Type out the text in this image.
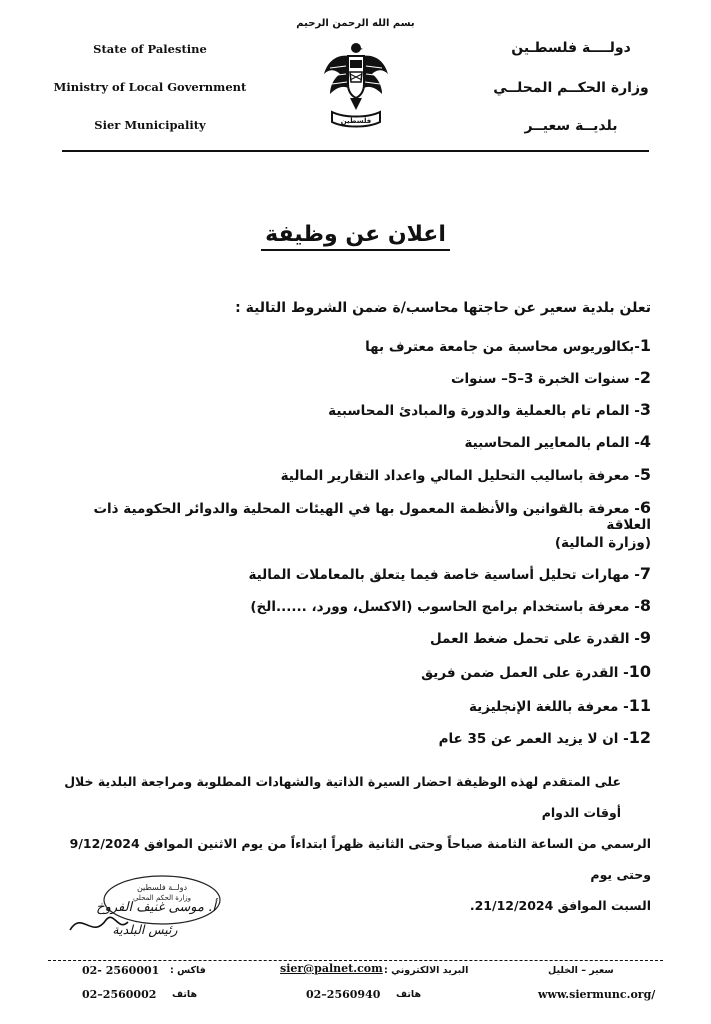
بسم الله الرحمن الرحيم
State of Palestine
Ministry of Local Government
Sier Municipality
دولــــة فلسطـين
وزارة الحكــم المحلــي
بلديــة سعيــر
فلسطين
اعلان عن وظيفة
تعلن بلدية سعير عن حاجتها محاسب/ة ضمن الشروط التالية :
1-بكالوريوس محاسبة من جامعة معترف بها
2- سنوات الخبرة 3–5– سنوات
3- المام تام بالعملية والدورة والمبادئ المحاسبية
4- المام بالمعايير المحاسبية
5- معرفة باساليب التحليل المالي واعداد التقارير المالية
6- معرفة بالقوانين والأنظمة المعمول بها في الهيئات المحلية والدوائر الحكومية ذات العلاقة
(وزارة المالية)
7- مهارات تحليل أساسية خاصة فيما يتعلق بالمعاملات المالية
8- معرفة باستخدام برامج الحاسوب (الاكسل، وورد، ......الخ)
9- القدرة على تحمل ضغط العمل
10- القدرة على العمل ضمن فريق
11- معرفة باللغة الإنجليزية
12- ان لا يزيد العمر عن 35 عام
على المتقدم لهذه الوظيفة احضار السيرة الذاتية والشهادات المطلوبة ومراجعة البلدية خلال أوقات الدوام
الرسمي من الساعة الثامنة صباحاً وحتى الثانية ظهراً ابتداءاً من يوم الاثنين الموافق 9/12/2024 وحتى يوم
السبت الموافق 21/12/2024.
دولــة فلسطين
وزارة الحكم المحلي
أ. موسى غنيف الفروخ
رئيس البلدية
02- 2560001 فاكس :	sier@palnet.com البريد الالكتروني :	سعير – الخليل
02–2560002 هاتف	02–2560940 هاتف	www.siermunc.org/
